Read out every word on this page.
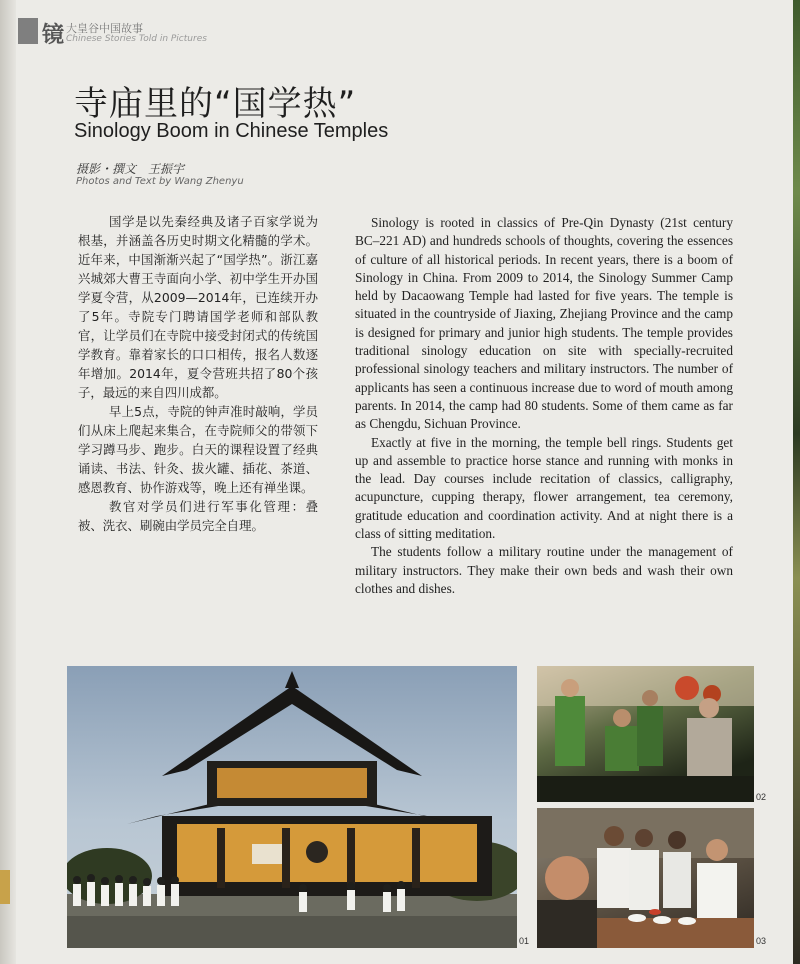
镜 大皇谷中国故事
Chinese Stories Told in Pictures
寺庙里的“国学热”
Sinology Boom in Chinese Temples
摄影・撰文　王振宇
Photos and Text by Wang Zhenyu

国学是以先秦经典及诸子百家学说为根基，并涵盖各历史时期文化精髓的学术。近年来，中国渐渐兴起了“国学热”。浙江嘉兴城郊大曹王寺面向小学、初中学生开办国学夏令营，从2009—2014年，已连续开办了5年。寺院专门聘请国学老师和部队教官，让学员们在寺院中接受封闭式的传统国学教育。靠着家长的口口相传，报名人数逐年增加。2014年，夏令营班共招了80个孩子，最远的来自四川成都。

早上5点，寺院的钟声准时敲响，学员们从床上爬起来集合，在寺院师父的带领下学习蹲马步、跑步。白天的课程设置了经典诵读、书法、针灸、拔火罐、插花、茶道、感恩教育、协作游戏等，晚上还有禅坐课。

教官对学员们进行军事化管理：叠被、洗衣、刷碗由学员完全自理。

Sinology is rooted in classics of Pre-Qin Dynasty (21st century BC–221 AD) and hundreds schools of thoughts, covering the essences of culture of all historical periods. In recent years, there is a boom of Sinology in China. From 2009 to 2014, the Sinology Summer Camp held by Dacaowang Temple had lasted for five years. The temple is situated in the countryside of Jiaxing, Zhejiang Province and the camp is designed for primary and junior high students. The temple provides traditional sinology education on site with specially-recruited professional sinology teachers and military instructors. The number of applicants has seen a continuous increase due to word of mouth among parents. In 2014, the camp had 80 students. Some of them came as far as Chengdu, Sichuan Province.

Exactly at five in the morning, the temple bell rings. Students get up and assemble to practice horse stance and running with monks in the lead. Day courses include recitation of classics, calligraphy, acupuncture, cupping therapy, flower arrangement, tea ceremony, gratitude education and coordination activity. And at night there is a class of sitting meditation.

The students follow a military routine under the management of military instructors. They make their own beds and wash their own clothes and dishes.

01
02
03
